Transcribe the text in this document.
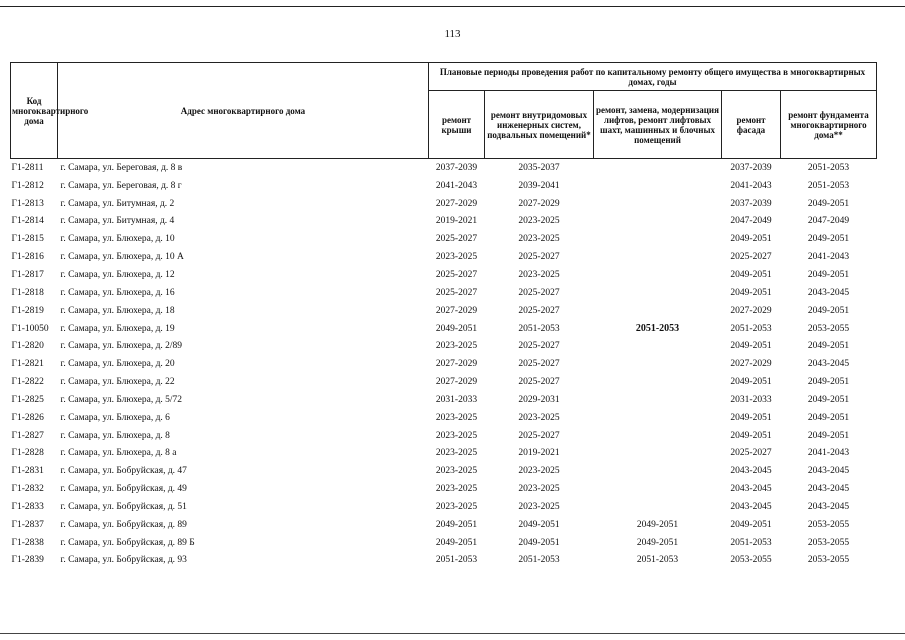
113
Код многоквартирного дома	Адрес многоквартирного дома	Плановые периоды проведения работ по капитальному ремонту общего имущества в многоквартирных домах, годы				
		ремонт крыши	ремонт внутридомовых инженерных систем, подвальных помещений*	ремонт, замена, модернизация лифтов, ремонт лифтовых шахт, машинных и блочных помещений	ремонт фасада	ремонт фундамента многоквартирного дома**
Г1-2811	г. Самара, ул. Береговая, д. 8 в	2037-2039	2035-2037		2037-2039	2051-2053
Г1-2812	г. Самара, ул. Береговая, д. 8 г	2041-2043	2039-2041		2041-2043	2051-2053
Г1-2813	г. Самара, ул. Битумная, д. 2	2027-2029	2027-2029		2037-2039	2049-2051
Г1-2814	г. Самара, ул. Битумная, д. 4	2019-2021	2023-2025		2047-2049	2047-2049
Г1-2815	г. Самара, ул. Блюхера, д. 10	2025-2027	2023-2025		2049-2051	2049-2051
Г1-2816	г. Самара, ул. Блюхера, д. 10 А	2023-2025	2025-2027		2025-2027	2041-2043
Г1-2817	г. Самара, ул. Блюхера, д. 12	2025-2027	2023-2025		2049-2051	2049-2051
Г1-2818	г. Самара, ул. Блюхера, д. 16	2025-2027	2025-2027		2049-2051	2043-2045
Г1-2819	г. Самара, ул. Блюхера, д. 18	2027-2029	2025-2027		2027-2029	2049-2051
Г1-10050	г. Самара, ул. Блюхера, д. 19	2049-2051	2051-2053	2051-2053	2051-2053	2053-2055
Г1-2820	г. Самара, ул. Блюхера, д. 2/89	2023-2025	2025-2027		2049-2051	2049-2051
Г1-2821	г. Самара, ул. Блюхера, д. 20	2027-2029	2025-2027		2027-2029	2043-2045
Г1-2822	г. Самара, ул. Блюхера, д. 22	2027-2029	2025-2027		2049-2051	2049-2051
Г1-2825	г. Самара, ул. Блюхера, д. 5/72	2031-2033	2029-2031		2031-2033	2049-2051
Г1-2826	г. Самара, ул. Блюхера, д. 6	2023-2025	2023-2025		2049-2051	2049-2051
Г1-2827	г. Самара, ул. Блюхера, д. 8	2023-2025	2025-2027		2049-2051	2049-2051
Г1-2828	г. Самара, ул. Блюхера, д. 8 а	2023-2025	2019-2021		2025-2027	2041-2043
Г1-2831	г. Самара, ул. Бобруйская, д. 47	2023-2025	2023-2025		2043-2045	2043-2045
Г1-2832	г. Самара, ул. Бобруйская, д. 49	2023-2025	2023-2025		2043-2045	2043-2045
Г1-2833	г. Самара, ул. Бобруйская, д. 51	2023-2025	2023-2025		2043-2045	2043-2045
Г1-2837	г. Самара, ул. Бобруйская, д. 89	2049-2051	2049-2051	2049-2051	2049-2051	2053-2055
Г1-2838	г. Самара, ул. Бобруйская, д. 89 Б	2049-2051	2049-2051	2049-2051	2051-2053	2053-2055
Г1-2839	г. Самара, ул. Бобруйская, д. 93	2051-2053	2051-2053	2051-2053	2053-2055	2053-2055
